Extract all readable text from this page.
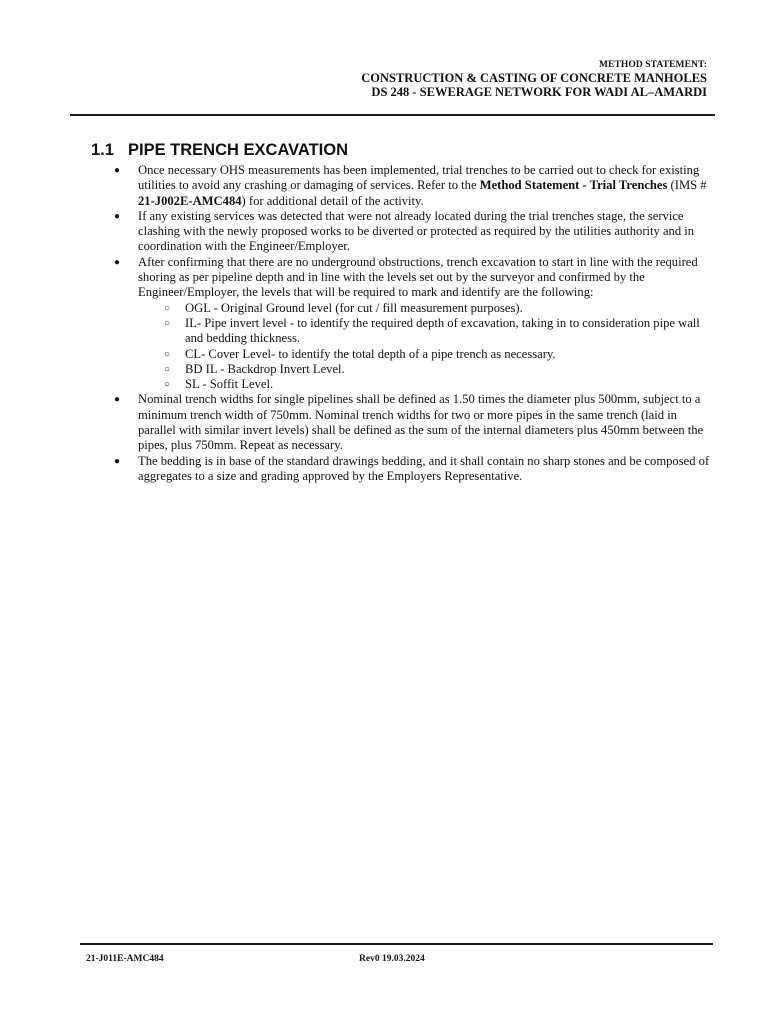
METHOD STATEMENT:
CONSTRUCTION & CASTING OF CONCRETE MANHOLES
DS 248 - SEWERAGE NETWORK FOR WADI AL–AMARDI
1.1 PIPE TRENCH EXCAVATION
● Once necessary OHS measurements has been implemented, trial trenches to be carried out to check for existing utilities to avoid any crashing or damaging of services. Refer to the Method Statement - Trial Trenches (IMS # 21-J002E-AMC484) for additional detail of the activity.
● If any existing services was detected that were not already located during the trial trenches stage, the service clashing with the newly proposed works to be diverted or protected as required by the utilities authority and in coordination with the Engineer/Employer.
● After confirming that there are no underground obstructions, trench excavation to start in line with the required shoring as per pipeline depth and in line with the levels set out by the surveyor and confirmed by the Engineer/Employer, the levels that will be required to mark and identify are the following:
○ OGL - Original Ground level (for cut / fill measurement purposes).
○ IL- Pipe invert level - to identify the required depth of excavation, taking in to consideration pipe wall and bedding thickness.
○ CL- Cover Level- to identify the total depth of a pipe trench as necessary.
○ BD IL - Backdrop Invert Level.
○ SL - Soffit Level.
● Nominal trench widths for single pipelines shall be defined as 1.50 times the diameter plus 500mm, subject to a minimum trench width of 750mm. Nominal trench widths for two or more pipes in the same trench (laid in parallel with similar invert levels) shall be defined as the sum of the internal diameters plus 450mm between the pipes, plus 750mm. Repeat as necessary.
● The bedding is in base of the standard drawings bedding, and it shall contain no sharp stones and be composed of aggregates to a size and grading approved by the Employers Representative.
21-J011E-AMC484	Rev0 19.03.2024
